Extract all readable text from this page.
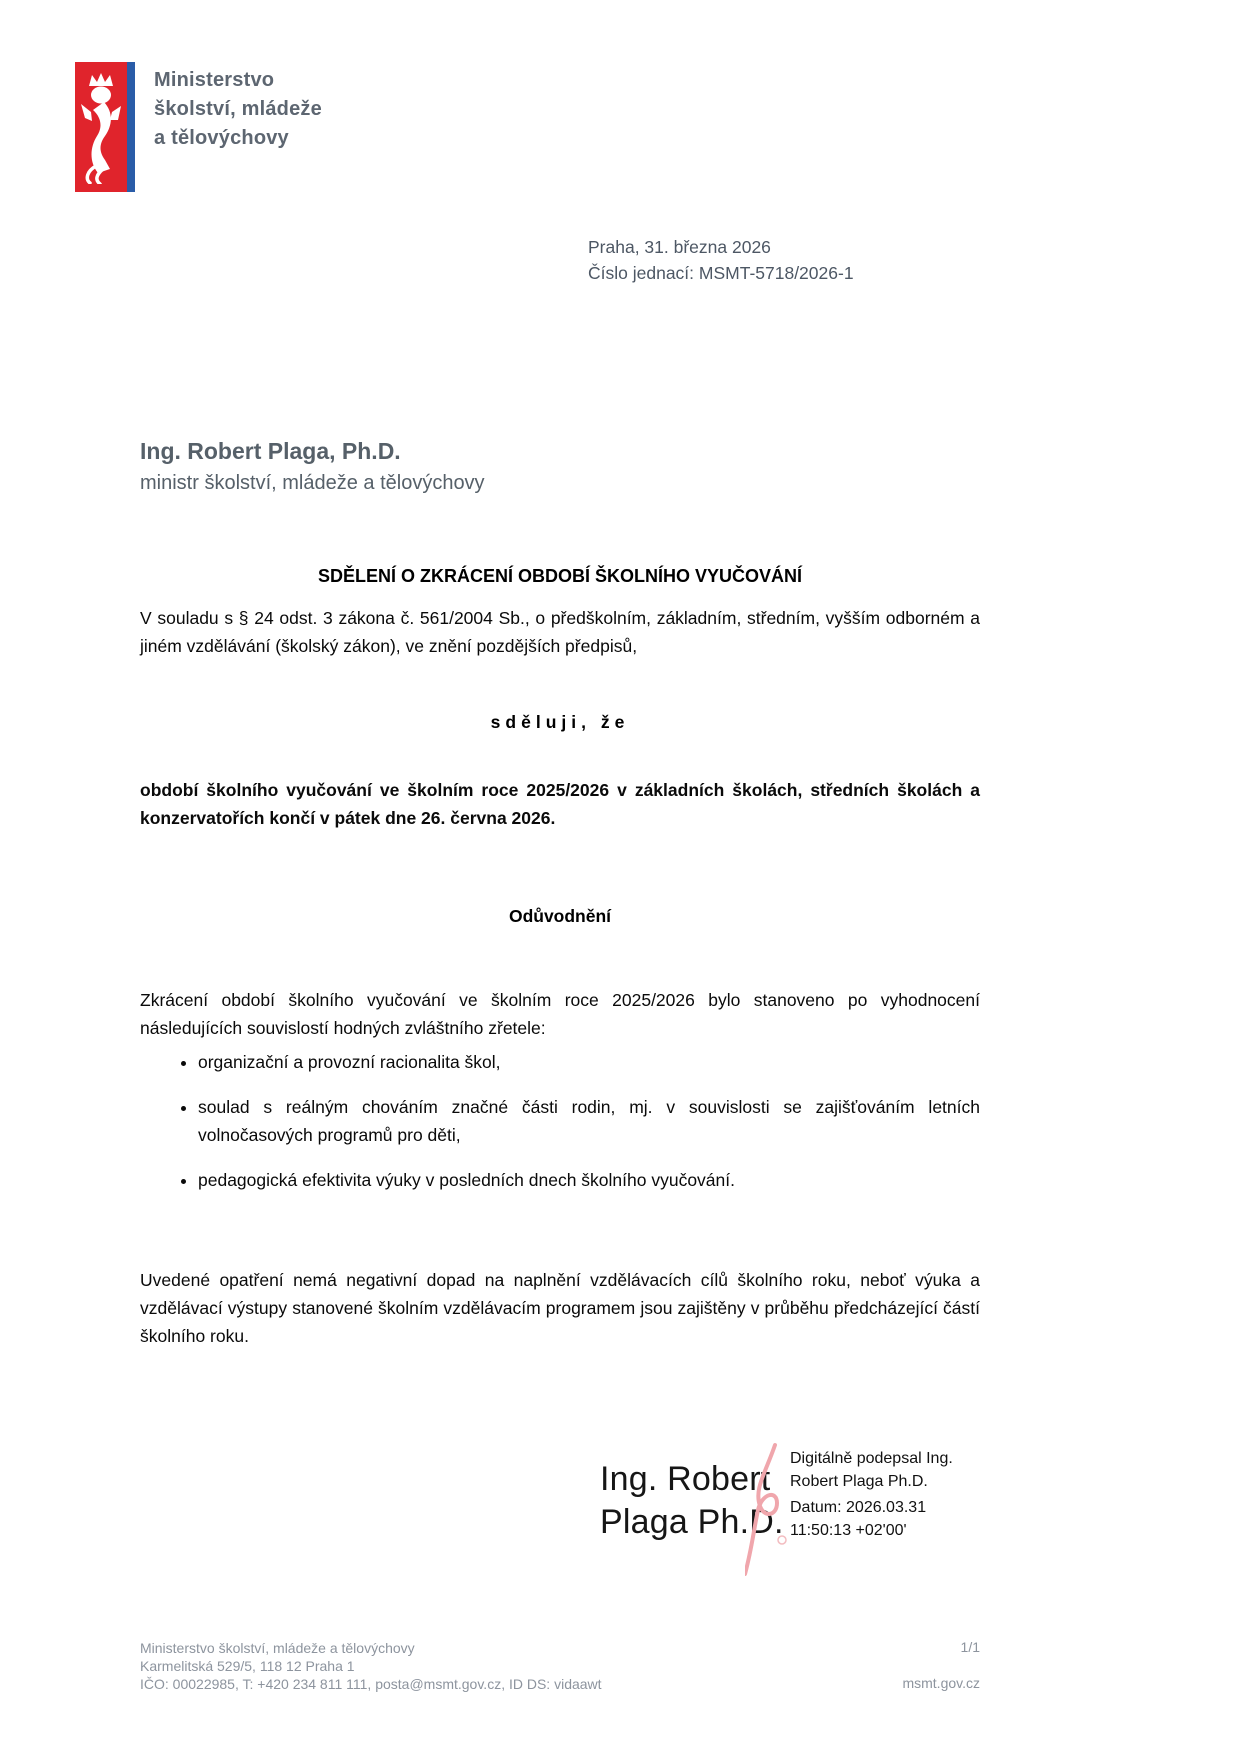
Ministerstvo
školství, mládeže
a tělovýchovy
Praha, 31. března 2026
Číslo jednací: MSMT-5718/2026-1
Ing. Robert Plaga, Ph.D.
ministr školství, mládeže a tělovýchovy
SDĚLENÍ O ZKRÁCENÍ OBDOBÍ ŠKOLNÍHO VYUČOVÁNÍ
V souladu s § 24 odst. 3 zákona č. 561/2004 Sb., o předškolním, základním, středním, vyšším odborném a jiném vzdělávání (školský zákon), ve znění pozdějších předpisů,
sděluji, že
období školního vyučování ve školním roce 2025/2026 v základních školách, středních školách a konzervatořích končí v pátek dne 26. června 2026.
Odůvodnění
Zkrácení období školního vyučování ve školním roce 2025/2026 bylo stanoveno po vyhodnocení následujících souvislostí hodných zvláštního zřetele:
• organizační a provozní racionalita škol,
• soulad s reálným chováním značné části rodin, mj. v souvislosti se zajišťováním letních volnočasových programů pro děti,
• pedagogická efektivita výuky v posledních dnech školního vyučování.
Uvedené opatření nemá negativní dopad na naplnění vzdělávacích cílů školního roku, neboť výuka a vzdělávací výstupy stanovené školním vzdělávacím programem jsou zajištěny v průběhu předcházející částí školního roku.
Ing. Robert Plaga Ph.D.
Digitálně podepsal Ing. Robert Plaga Ph.D.
Datum: 2026.03.31 11:50:13 +02'00'
Ministerstvo školství, mládeže a tělovýchovy
Karmelitská 529/5, 118 12 Praha 1
IČO: 00022985, T: +420 234 811 111, posta@msmt.gov.cz, ID DS: vidaawt
1/1
msmt.gov.cz
